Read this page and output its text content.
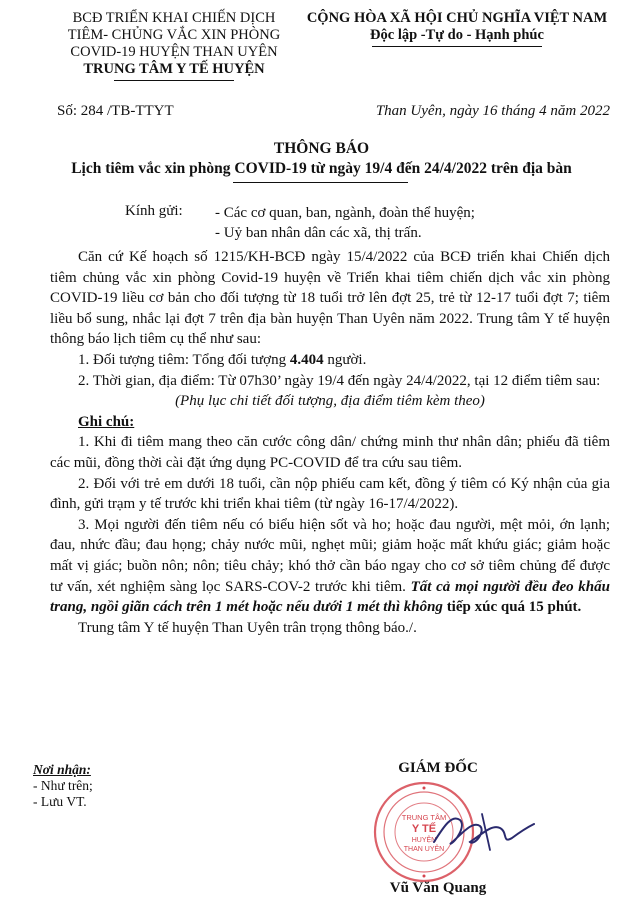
BCĐ TRIỂN KHAI CHIẾN DỊCH
TIÊM- CHỦNG VẮC XIN PHÒNG
COVID-19 HUYỆN THAN UYÊN
TRUNG TÂM Y TẾ HUYỆN
CỘNG HÒA XÃ HỘI CHỦ NGHĨA VIỆT NAM
Độc lập -Tự do - Hạnh phúc
Số: 284 /TB-TTYT	Than Uyên, ngày 16 tháng 4 năm 2022
THÔNG BÁO
Lịch tiêm vắc xin phòng COVID-19 từ ngày 19/4 đến 24/4/2022 trên địa bàn
Kính gửi: - Các cơ quan, ban, ngành, đoàn thể huyện;
- Uỷ ban nhân dân các xã, thị trấn.

Căn cứ Kế hoạch số 1215/KH-BCĐ ngày 15/4/2022 của BCĐ triển khai Chiến dịch tiêm chủng vắc xin phòng Covid-19 huyện về Triển khai tiêm chiến dịch vắc xin phòng COVID-19 liều cơ bản cho đối tượng từ 18 tuổi trở lên đợt 25, trẻ từ 12-17 tuổi đợt 7; tiêm liều bổ sung, nhắc lại đợt 7 trên địa bàn huyện Than Uyên năm 2022. Trung tâm Y tế huyện thông báo lịch tiêm cụ thể như sau:

1. Đối tượng tiêm: Tổng đối tượng 4.404 người.

2. Thời gian, địa điểm: Từ 07h30’ ngày 19/4 đến ngày 24/4/2022, tại 12 điểm tiêm sau:

(Phụ lục chi tiết đối tượng, địa điểm tiêm kèm theo)

Ghi chú:

1. Khi đi tiêm mang theo căn cước công dân/ chứng minh thư nhân dân; phiếu đã tiêm các mũi, đồng thời cài đặt ứng dụng PC-COVID để tra cứu sau tiêm.

2. Đối với trẻ em dưới 18 tuổi, cần nộp phiếu cam kết, đồng ý tiêm có Ký nhận của gia đình, gửi trạm y tế trước khi triển khai tiêm (từ ngày 16-17/4/2022).

3. Mọi người đến tiêm nếu có biểu hiện sốt và ho; hoặc đau người, mệt mỏi, ớn lạnh; đau, nhức đầu; đau họng; chảy nước mũi, nghẹt mũi; giảm hoặc mất khứu giác; giảm hoặc mất vị giác; buồn nôn; nôn; tiêu chảy; khó thở cần báo ngay cho cơ sở tiêm chủng để được tư vấn, xét nghiệm sàng lọc SARS-COV-2 trước khi tiêm. Tất cả mọi người đều đeo khẩu trang, ngồi giãn cách trên 1 mét hoặc nếu dưới 1 mét thì không tiếp xúc quá 15 phút.

Trung tâm Y tế huyện Than Uyên trân trọng thông báo./.

Nơi nhận:
- Như trên;
- Lưu VT.
GIÁM ĐỐC
TRUNG TÂM
Y TẾ
HUYỆN
THAN UYÊN
Vũ Văn Quang
